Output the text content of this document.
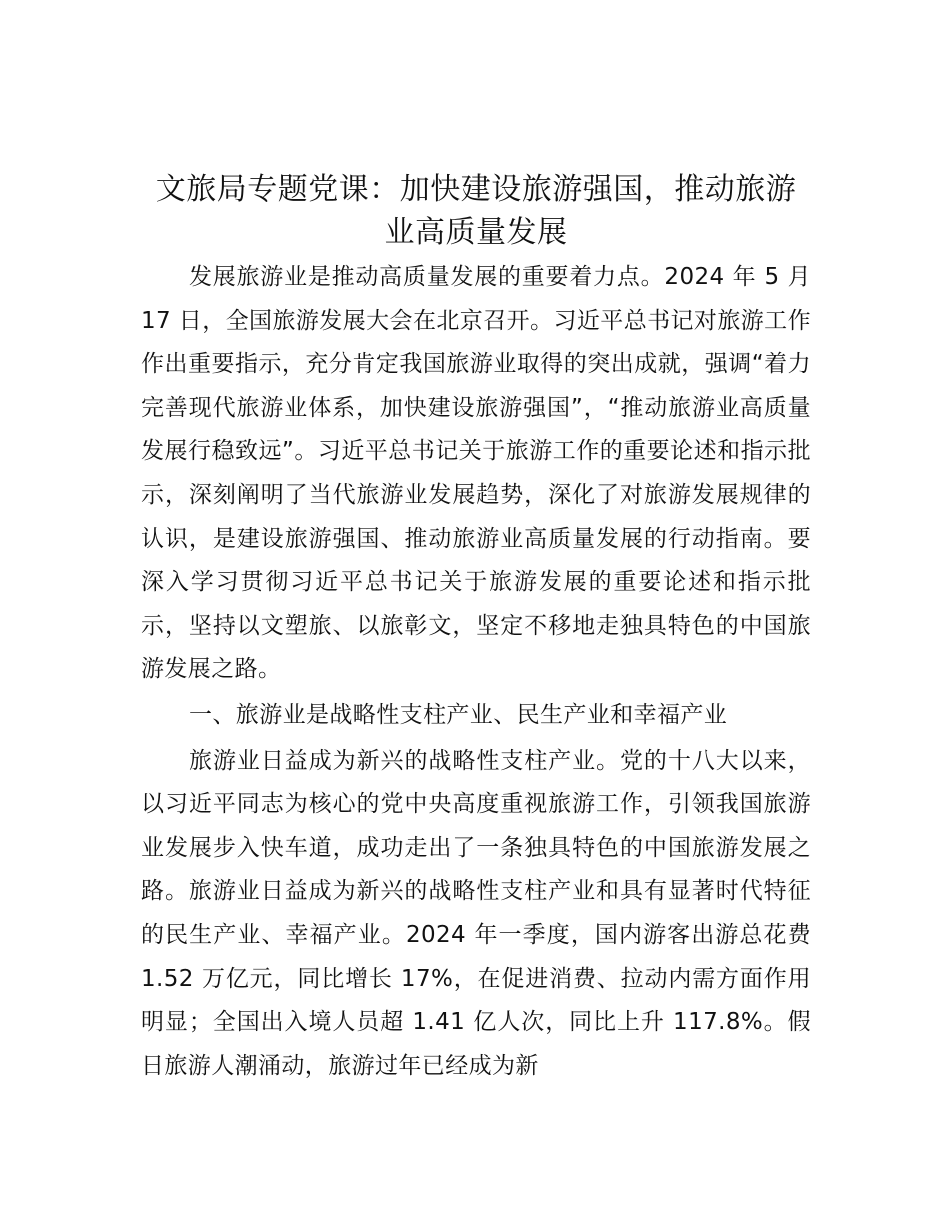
文旅局专题党课：加快建设旅游强国，推动旅游业高质量发展

发展旅游业是推动高质量发展的重要着力点。2024 年 5 月 17 日，全国旅游发展大会在北京召开。习近平总书记对旅游工作作出重要指示，充分肯定我国旅游业取得的突出成就，强调“着力完善现代旅游业体系，加快建设旅游强国”，“推动旅游业高质量发展行稳致远”。习近平总书记关于旅游工作的重要论述和指示批示，深刻阐明了当代旅游业发展趋势，深化了对旅游发展规律的认识，是建设旅游强国、推动旅游业高质量发展的行动指南。要深入学习贯彻习近平总书记关于旅游发展的重要论述和指示批示，坚持以文塑旅、以旅彰文，坚定不移地走独具特色的中国旅游发展之路。

一、旅游业是战略性支柱产业、民生产业和幸福产业

旅游业日益成为新兴的战略性支柱产业。党的十八大以来，以习近平同志为核心的党中央高度重视旅游工作，引领我国旅游业发展步入快车道，成功走出了一条独具特色的中国旅游发展之路。旅游业日益成为新兴的战略性支柱产业和具有显著时代特征的民生产业、幸福产业。2024 年一季度，国内游客出游总花费 1.52 万亿元，同比增长 17%，在促进消费、拉动内需方面作用明显；全国出入境人员超 1.41 亿人次，同比上升 117.8%。假日旅游人潮涌动，旅游过年已经成为新
